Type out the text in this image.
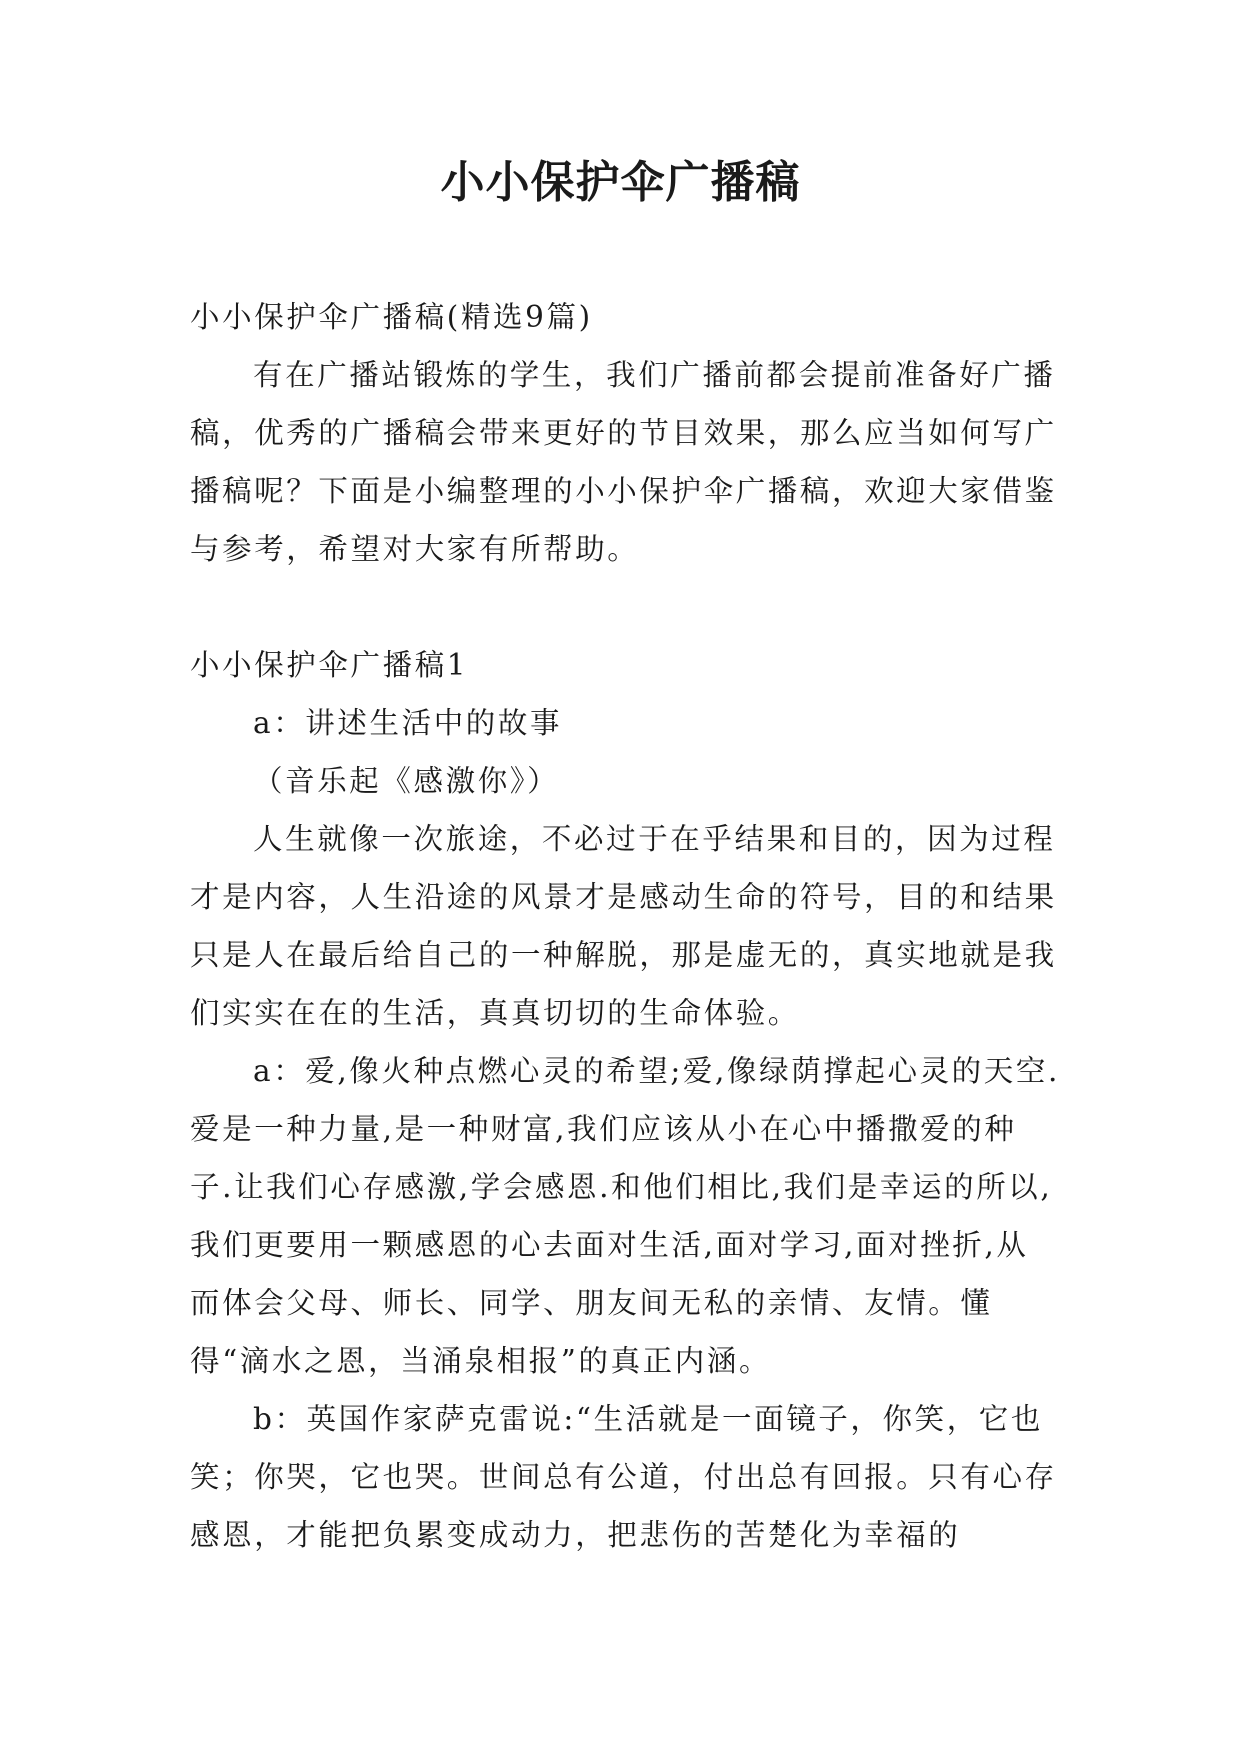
小小保护伞广播稿

小小保护伞广播稿(精选9篇)

有在广播站锻炼的学生，我们广播前都会提前准备好广播稿，优秀的广播稿会带来更好的节目效果，那么应当如何写广播稿呢？下面是小编整理的小小保护伞广播稿，欢迎大家借鉴与参考，希望对大家有所帮助。

小小保护伞广播稿1

a：讲述生活中的故事

（音乐起《感激你》）

人生就像一次旅途，不必过于在乎结果和目的，因为过程才是内容，人生沿途的风景才是感动生命的符号，目的和结果只是人在最后给自己的一种解脱，那是虚无的，真实地就是我们实实在在的生活，真真切切的生命体验。

a：爱,像火种点燃心灵的希望;爱,像绿荫撑起心灵的天空.爱是一种力量,是一种财富,我们应该从小在心中播撒爱的种子.让我们心存感激,学会感恩.和他们相比,我们是幸运的所以,我们更要用一颗感恩的心去面对生活,面对学习,面对挫折,从而体会父母、师长、同学、朋友间无私的亲情、友情。懂得“滴水之恩，当涌泉相报”的真正内涵。

b：英国作家萨克雷说:“生活就是一面镜子，你笑，它也笑；你哭，它也哭。世间总有公道，付出总有回报。只有心存感恩，才能把负累变成动力，把悲伤的苦楚化为幸福的
